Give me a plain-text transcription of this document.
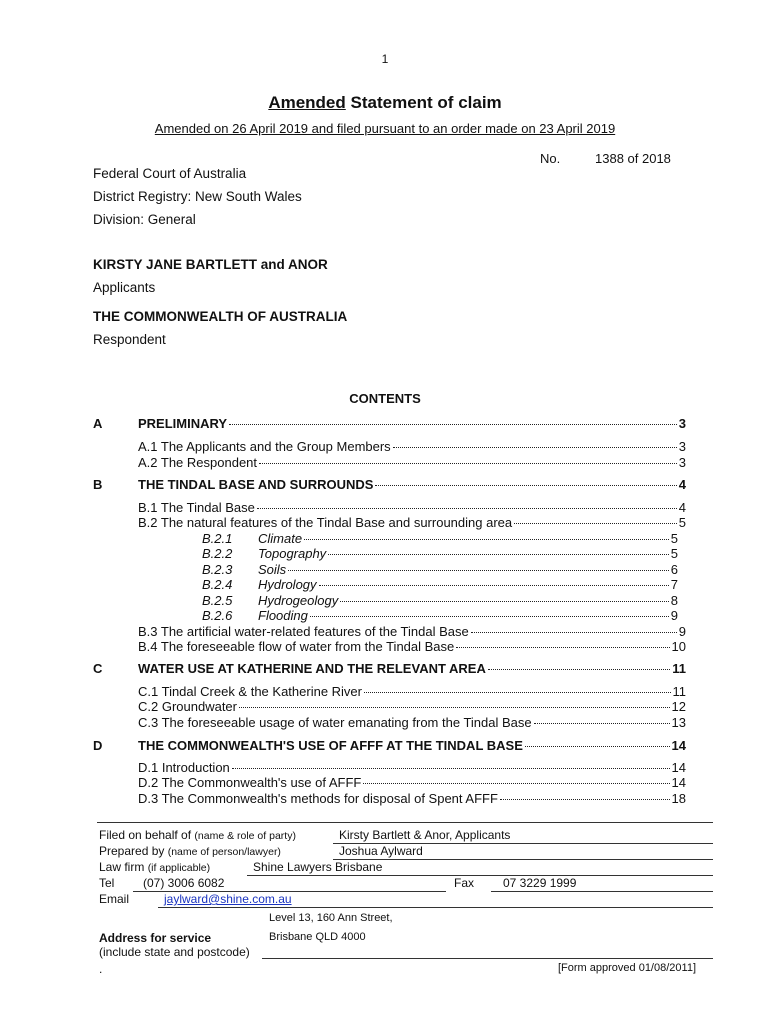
1
Amended Statement of claim
Amended on 26 April 2019 and filed pursuant to an order made on 23 April 2019
No.	1388 of 2018
Federal Court of Australia
District Registry: New South Wales
Division: General
KIRSTY JANE BARTLETT and ANOR
Applicants
THE COMMONWEALTH OF AUSTRALIA
Respondent
CONTENTS
A	PRELIMINARY	3
A.1 The Applicants and the Group Members	3
A.2 The Respondent	3
B	THE TINDAL BASE AND SURROUNDS	4
B.1 The Tindal Base	4
B.2 The natural features of the Tindal Base and surrounding area	5
B.2.1	Climate	5
B.2.2	Topography	5
B.2.3	Soils	6
B.2.4	Hydrology	7
B.2.5	Hydrogeology	8
B.2.6	Flooding	9
B.3 The artificial water-related features of the Tindal Base	9
B.4 The foreseeable flow of water from the Tindal Base	10
C	WATER USE AT KATHERINE AND THE RELEVANT AREA	11
C.1 Tindal Creek & the Katherine River	11
C.2 Groundwater	12
C.3 The foreseeable usage of water emanating from the Tindal Base	13
D	THE COMMONWEALTH'S USE OF AFFF AT THE TINDAL BASE	14
D.1 Introduction	14
D.2 The Commonwealth's use of AFFF	14
D.3 The Commonwealth's methods for disposal of Spent AFFF	18
Filed on behalf of (name & role of party)	Kirsty Bartlett & Anor, Applicants
Prepared by (name of person/lawyer)	Joshua Aylward
Law firm (if applicable)	Shine Lawyers Brisbane
Tel (07) 3006 6082	Fax 07 3229 1999
Email	jaylward@shine.com.au
Level 13, 160 Ann Street,
Address for service	Brisbane QLD 4000
(include state and postcode)
.	[Form approved 01/08/2011]
